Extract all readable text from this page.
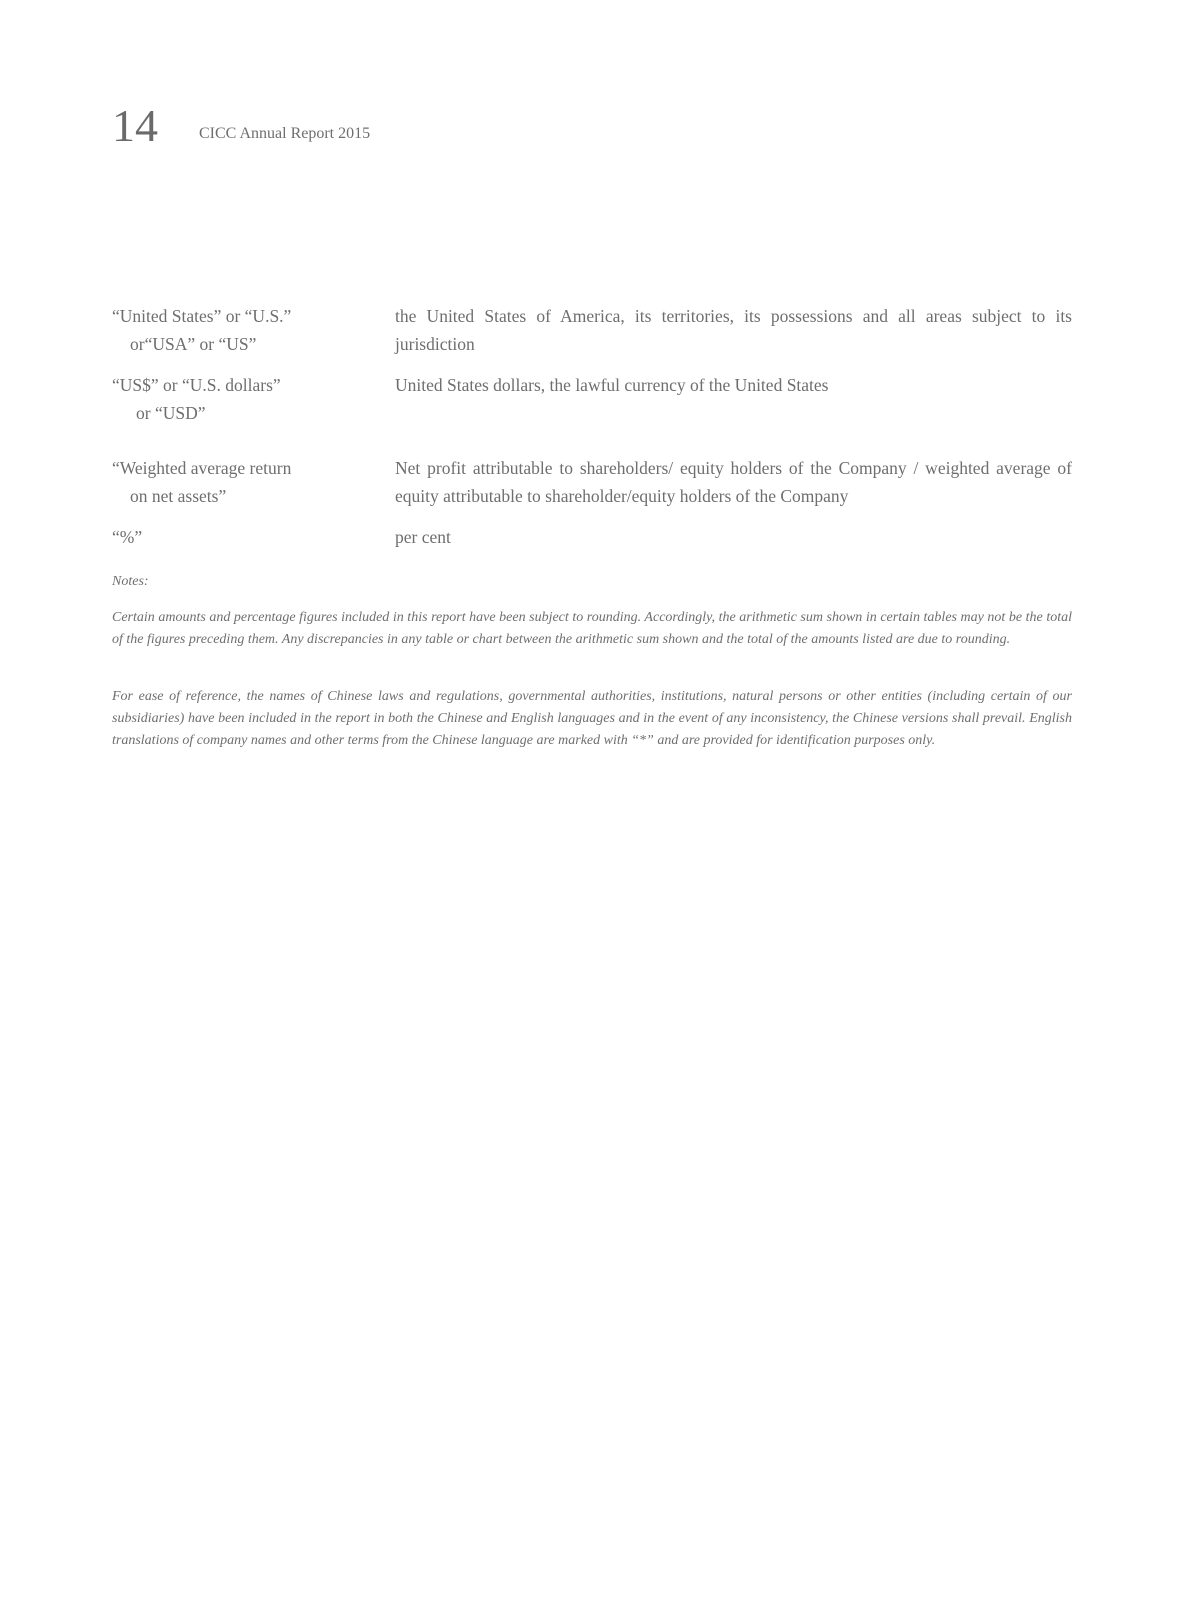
14	CICC Annual Report 2015
“United States” or “U.S.”
or“USA” or “US”
the United States of America, its territories, its possessions and all areas subject to its jurisdiction
“US$” or “U.S. dollars”
or “USD”
United States dollars, the lawful currency of the United States
“Weighted average return
on net assets”
Net profit attributable to shareholders/ equity holders of the Company / weighted average of equity attributable to shareholder/equity holders of the Company
“%”	per cent
Notes:
Certain amounts and percentage figures included in this report have been subject to rounding. Accordingly, the arithmetic sum shown in certain tables may not be the total of the figures preceding them. Any discrepancies in any table or chart between the arithmetic sum shown and the total of the amounts listed are due to rounding.
For ease of reference, the names of Chinese laws and regulations, governmental authorities, institutions, natural persons or other entities (including certain of our subsidiaries) have been included in the report in both the Chinese and English languages and in the event of any inconsistency, the Chinese versions shall prevail. English translations of company names and other terms from the Chinese language are marked with “*” and are provided for identification purposes only.
